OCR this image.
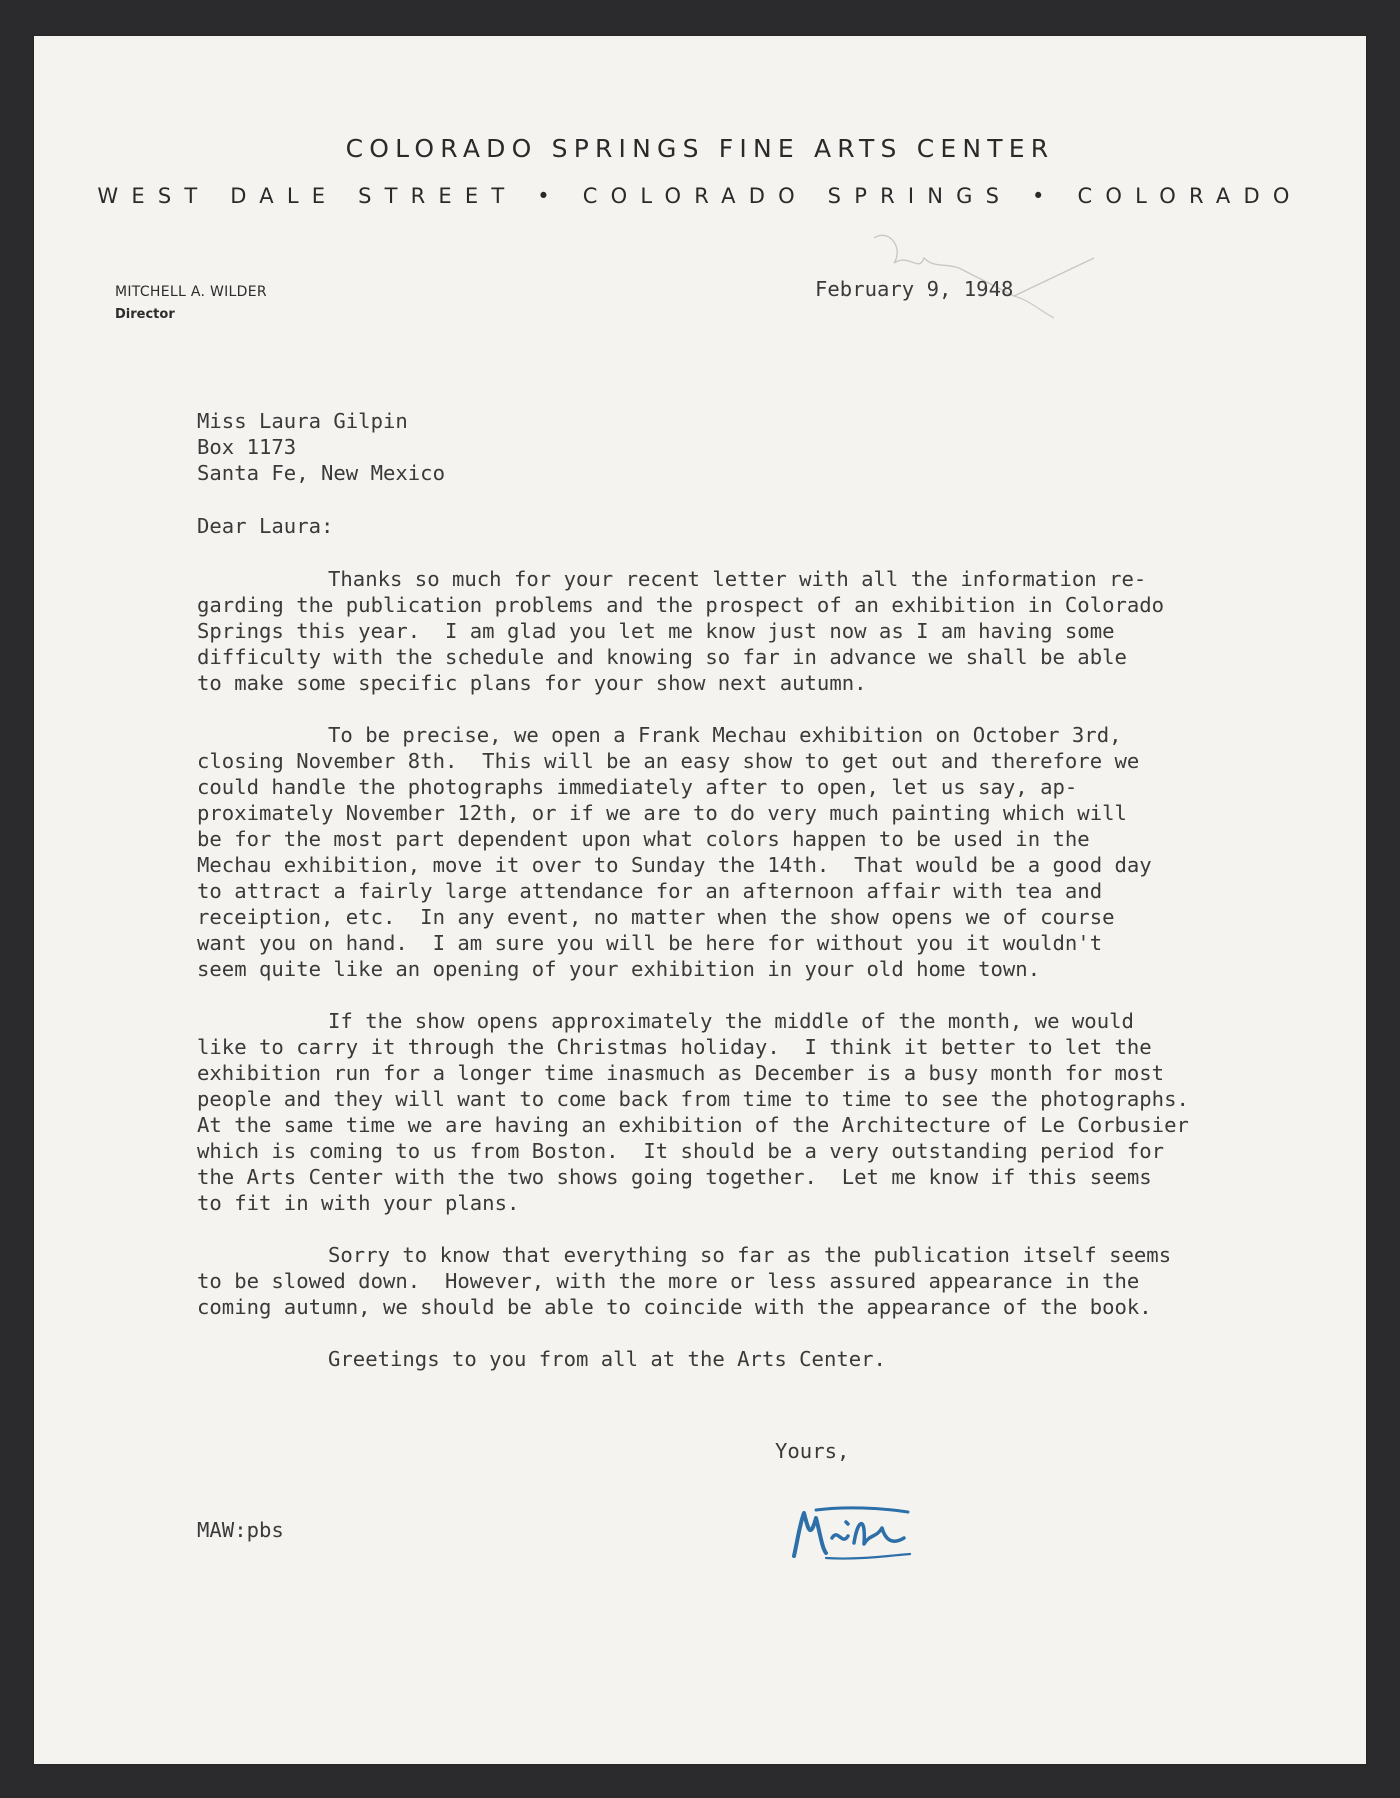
COLORADO SPRINGS FINE ARTS CENTER
WEST DALE STREET • COLORADO SPRINGS • COLORADO
MITCHELL A. WILDER
Director
February 9, 1948
Miss Laura Gilpin
Box 1173
Santa Fe, New Mexico
Dear Laura:
Thanks so much for your recent letter with all the information re-
garding the publication problems and the prospect of an exhibition in Colorado
Springs this year.  I am glad you let me know just now as I am having some
difficulty with the schedule and knowing so far in advance we shall be able
to make some specific plans for your show next autumn.
To be precise, we open a Frank Mechau exhibition on October 3rd,
closing November 8th.  This will be an easy show to get out and therefore we
could handle the photographs immediately after to open, let us say, ap-
proximately November 12th, or if we are to do very much painting which will
be for the most part dependent upon what colors happen to be used in the
Mechau exhibition, move it over to Sunday the 14th.  That would be a good day
to attract a fairly large attendance for an afternoon affair with tea and
receiption, etc.  In any event, no matter when the show opens we of course
want you on hand.  I am sure you will be here for without you it wouldn't
seem quite like an opening of your exhibition in your old home town.
If the show opens approximately the middle of the month, we would
like to carry it through the Christmas holiday.  I think it better to let the
exhibition run for a longer time inasmuch as December is a busy month for most
people and they will want to come back from time to time to see the photographs.
At the same time we are having an exhibition of the Architecture of Le Corbusier
which is coming to us from Boston.  It should be a very outstanding period for
the Arts Center with the two shows going together.  Let me know if this seems
to fit in with your plans.
Sorry to know that everything so far as the publication itself seems
to be slowed down.  However, with the more or less assured appearance in the
coming autumn, we should be able to coincide with the appearance of the book.
Greetings to you from all at the Arts Center.
Yours,
MAW:pbs
